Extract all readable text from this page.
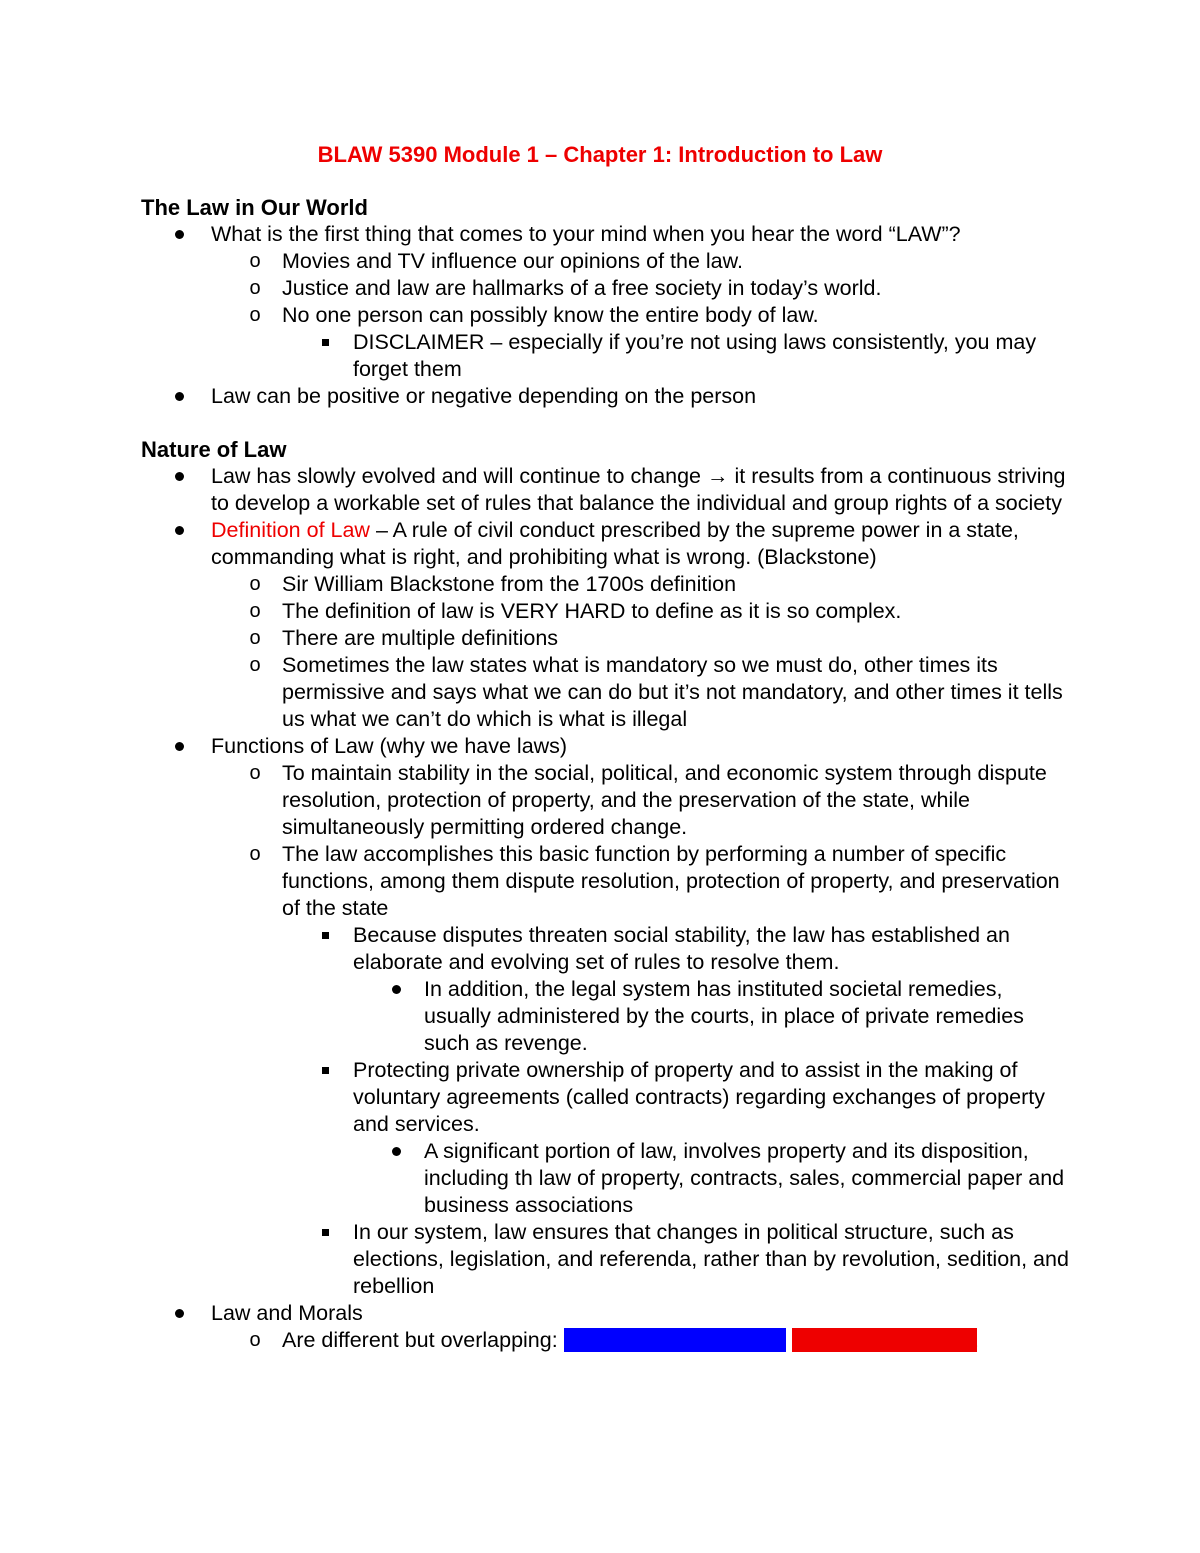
BLAW 5390 Module 1 – Chapter 1: Introduction to Law
The Law in Our World
What is the first thing that comes to your mind when you hear the word “LAW”?
o Movies and TV influence our opinions of the law.
o Justice and law are hallmarks of a free society in today’s world.
o No one person can possibly know the entire body of law.
DISCLAIMER – especially if you’re not using laws consistently, you may forget them
Law can be positive or negative depending on the person
Nature of Law
Law has slowly evolved and will continue to change → it results from a continuous striving to develop a workable set of rules that balance the individual and group rights of a society
Definition of Law – A rule of civil conduct prescribed by the supreme power in a state, commanding what is right, and prohibiting what is wrong. (Blackstone)
o Sir William Blackstone from the 1700s definition
o The definition of law is VERY HARD to define as it is so complex.
o There are multiple definitions
o Sometimes the law states what is mandatory so we must do, other times its permissive and says what we can do but it’s not mandatory, and other times it tells us what we can’t do which is what is illegal
Functions of Law (why we have laws)
o To maintain stability in the social, political, and economic system through dispute resolution, protection of property, and the preservation of the state, while simultaneously permitting ordered change.
o The law accomplishes this basic function by performing a number of specific functions, among them dispute resolution, protection of property, and preservation of the state
Because disputes threaten social stability, the law has established an elaborate and evolving set of rules to resolve them.
In addition, the legal system has instituted societal remedies, usually administered by the courts, in place of private remedies such as revenge.
Protecting private ownership of property and to assist in the making of voluntary agreements (called contracts) regarding exchanges of property and services.
A significant portion of law, involves property and its disposition, including th law of property, contracts, sales, commercial paper and business associations
In our system, law ensures that changes in political structure, such as elections, legislation, and referenda, rather than by revolution, sedition, and rebellion
Law and Morals
o Are different but overlapping: law provides sanctions, while morals do not
